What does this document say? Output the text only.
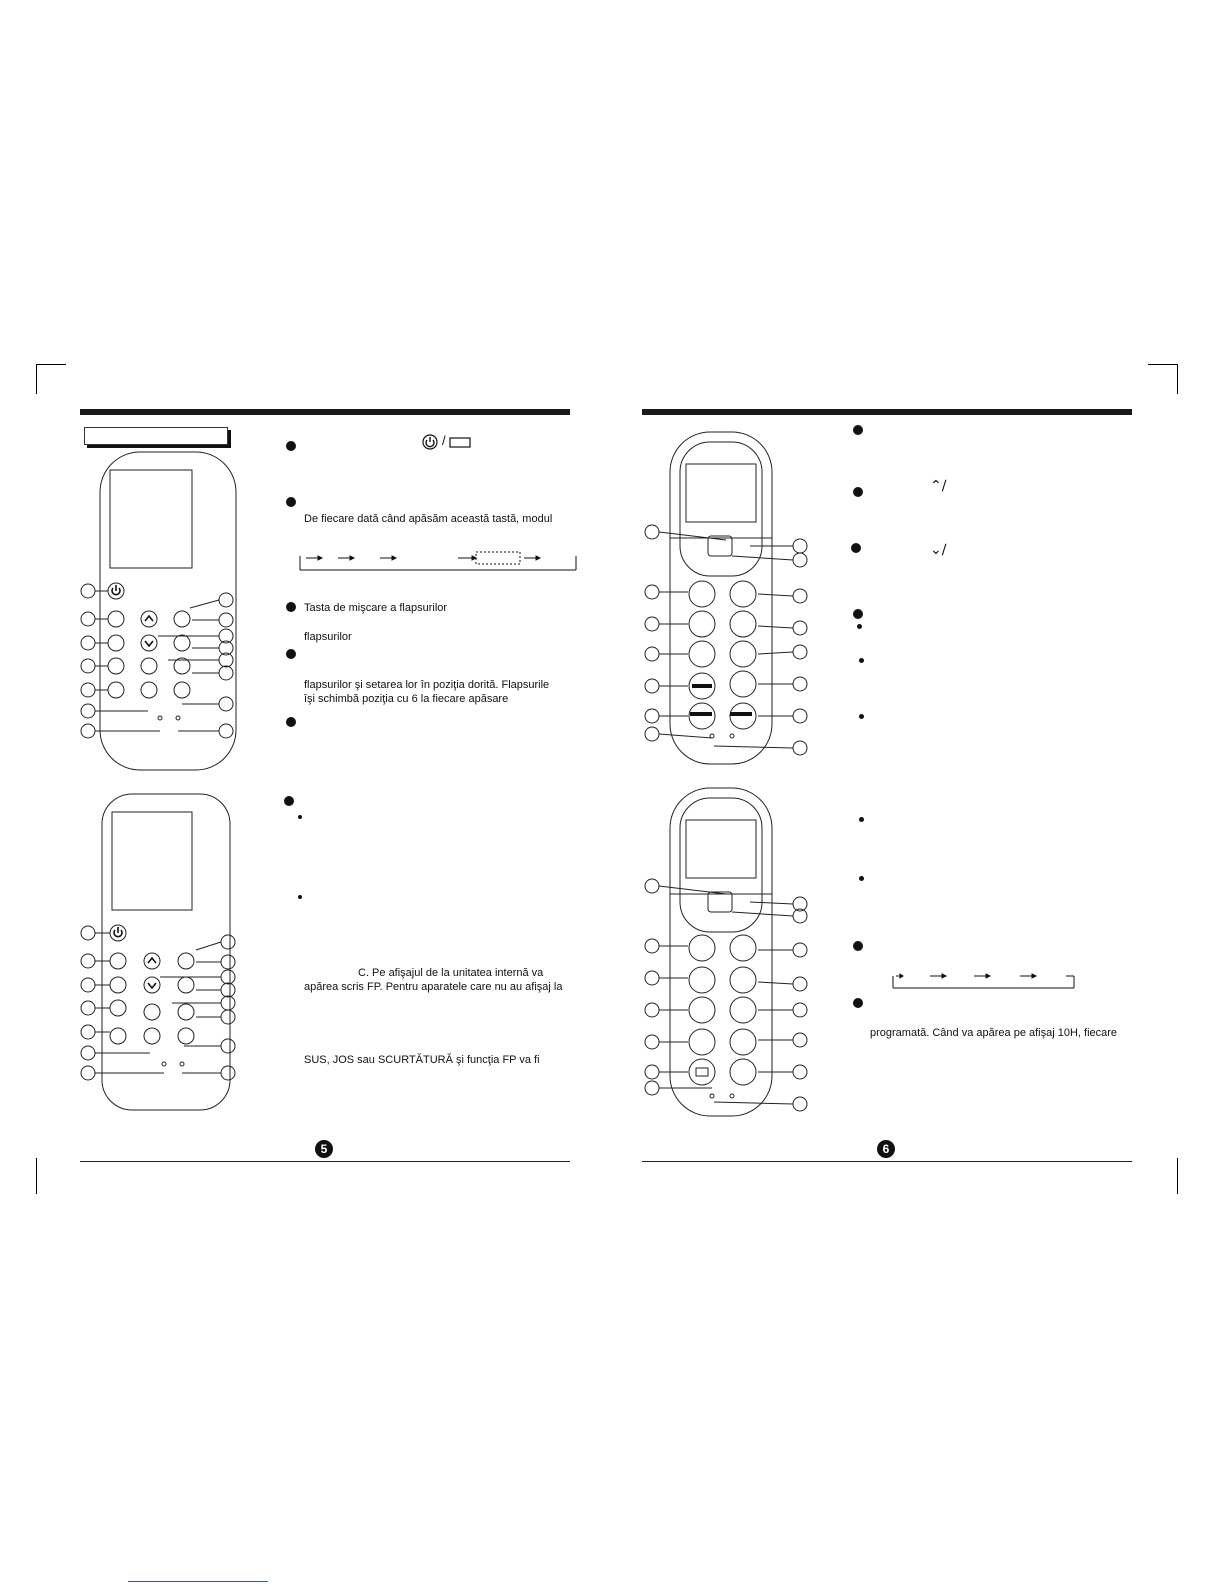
5	6
/
De fiecare dată când apăsăm această tastă, modul
Tasta de mişcare a flapsurilor
flapsurilor
flapsurilor şi setarea lor în poziţia dorită. Flapsurile
îşi schimbă poziţia cu 6 la fiecare apăsare
C. Pe afişajul de la unitatea internă va
apărea scris FP. Pentru aparatele care nu au afişaj la
SUS, JOS sau SCURTĂTURĂ şi funcţia FP va fi
⌃∕
⌄∕
programată. Când va apărea pe afişaj 10H, fiecare
